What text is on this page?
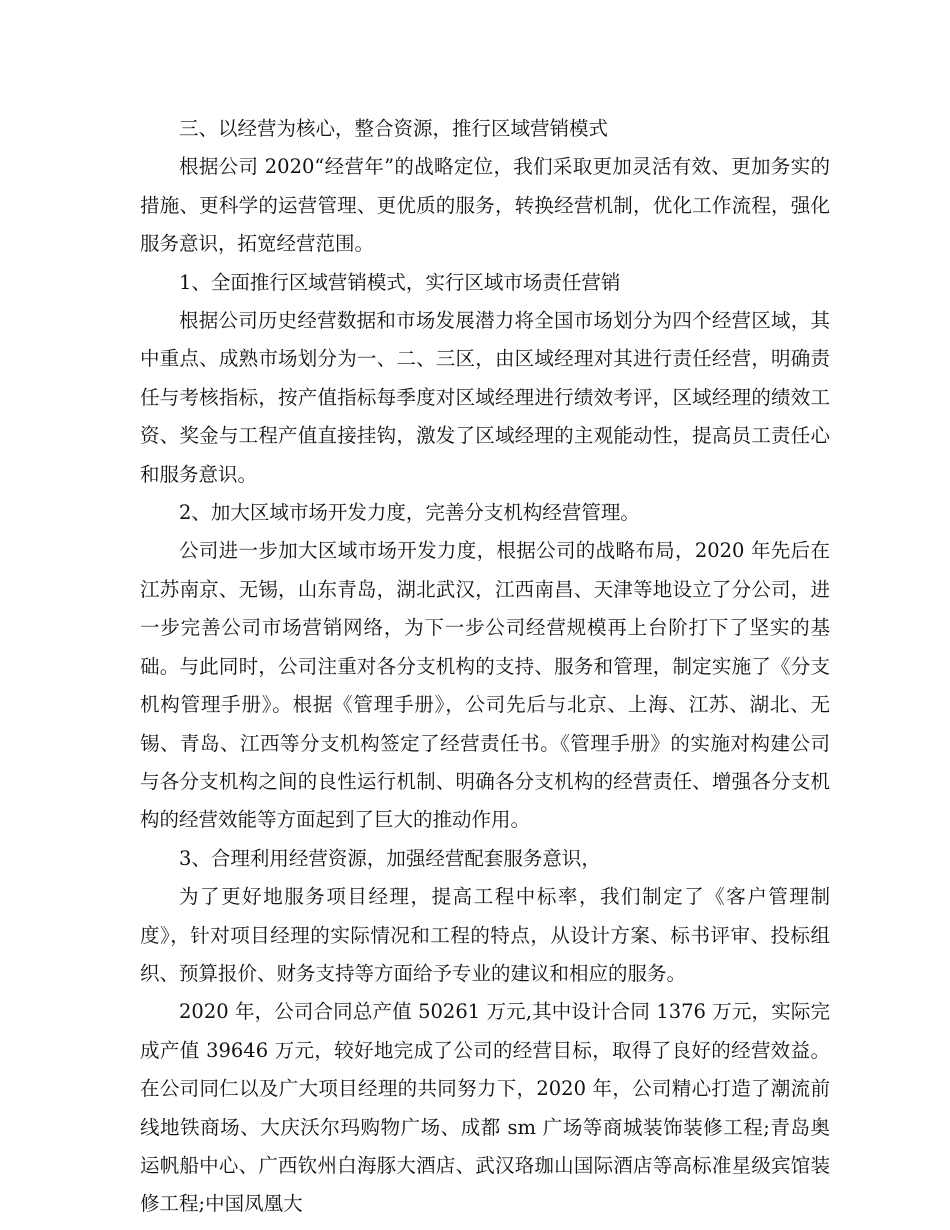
三、以经营为核心，整合资源，推行区域营销模式

根据公司 2020“经营年”的战略定位，我们采取更加灵活有效、更加务实的措施、更科学的运营管理、更优质的服务，转换经营机制，优化工作流程，强化服务意识，拓宽经营范围。

1、全面推行区域营销模式，实行区域市场责任营销

根据公司历史经营数据和市场发展潜力将全国市场划分为四个经营区域，其中重点、成熟市场划分为一、二、三区，由区域经理对其进行责任经营，明确责任与考核指标，按产值指标每季度对区域经理进行绩效考评，区域经理的绩效工资、奖金与工程产值直接挂钩，激发了区域经理的主观能动性，提高员工责任心和服务意识。

2、加大区域市场开发力度，完善分支机构经营管理。

公司进一步加大区域市场开发力度，根据公司的战略布局，2020 年先后在江苏南京、无锡，山东青岛，湖北武汉，江西南昌、天津等地设立了分公司，进一步完善公司市场营销网络，为下一步公司经营规模再上台阶打下了坚实的基础。与此同时，公司注重对各分支机构的支持、服务和管理，制定实施了《分支机构管理手册》。根据《管理手册》，公司先后与北京、上海、江苏、湖北、无锡、青岛、江西等分支机构签定了经营责任书。《管理手册》的实施对构建公司与各分支机构之间的良性运行机制、明确各分支机构的经营责任、增强各分支机构的经营效能等方面起到了巨大的推动作用。

3、合理利用经营资源，加强经营配套服务意识，

为了更好地服务项目经理，提高工程中标率，我们制定了《客户管理制度》，针对项目经理的实际情况和工程的特点，从设计方案、标书评审、投标组织、预算报价、财务支持等方面给予专业的建议和相应的服务。

2020 年，公司合同总产值 50261 万元,其中设计合同 1376 万元，实际完成产值 39646 万元，较好地完成了公司的经营目标，取得了良好的经营效益。在公司同仁以及广大项目经理的共同努力下，2020 年，公司精心打造了潮流前线地铁商场、大庆沃尔玛购物广场、成都 sm 广场等商城装饰装修工程;青岛奥运帆船中心、广西钦州白海豚大酒店、武汉珞珈山国际酒店等高标准星级宾馆装修工程;中国凤凰大
